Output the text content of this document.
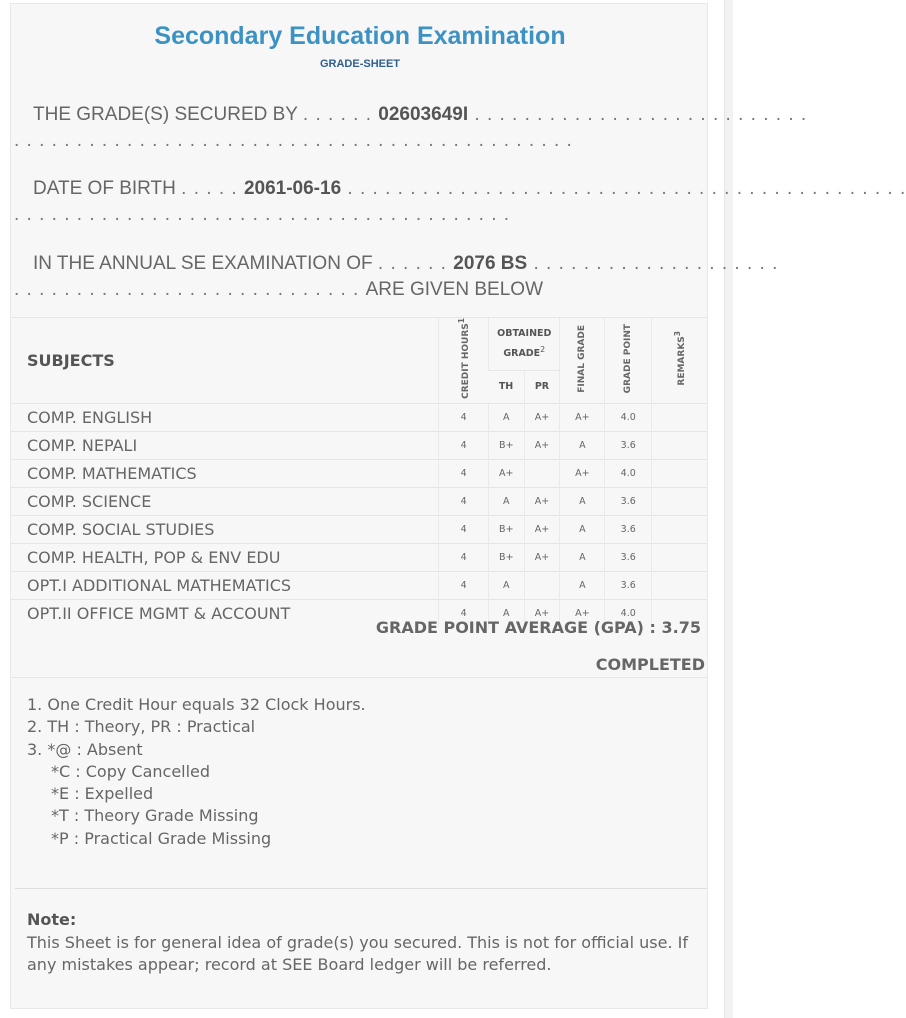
Secondary Education Examination
GRADE-SHEET
THE GRADE(S) SECURED BY . . . . . . 02603649I . . . . . . . . . . . . . . . . . . . . . . . . . . .
. . . . . . . . . . . . . . . . . . . . . . . . . . . . . . . . . . . . . . . . . . . . .
DATE OF BIRTH . . . . . 2061-06-16 . . . . . . . . . . . . . . . . . . . . . . . . . . . . . . . . . . . . . . . . . . . . .
. . . . . . . . . . . . . . . . . . . . . . . . . . . . . . . . . . . . . . . .
IN THE ANNUAL SE EXAMINATION OF . . . . . . 2076 BS . . . . . . . . . . . . . . . . . . . .
. . . . . . . . . . . . . . . . . . . . . . . . . . . . ARE GIVEN BELOW
SUBJECTS	CREDIT HOURS$^1$	OBTAINED GRADE$^2$		FINAL GRADE	GRADE POINT	REMARKS$^3$
		TH	PR			
COMP. ENGLISH	4	A	A+	A+	4.0	
COMP. NEPALI	4	B+	A+	A	3.6	
COMP. MATHEMATICS	4	A+		A+	4.0	
COMP. SCIENCE	4	A	A+	A	3.6	
COMP. SOCIAL STUDIES	4	B+	A+	A	3.6	
COMP. HEALTH, POP & ENV EDU	4	B+	A+	A	3.6	
OPT.I ADDITIONAL MATHEMATICS	4	A		A	3.6	
OPT.II OFFICE MGMT & ACCOUNT	4	A	A+	A+	4.0	
GRADE POINT AVERAGE (GPA) : 3.75
COMPLETED
1. One Credit Hour equals 32 Clock Hours.
2. TH : Theory, PR : Practical
3. *@ : Absent
*C : Copy Cancelled
*E : Expelled
*T : Theory Grade Missing
*P : Practical Grade Missing
Note:
This Sheet is for general idea of grade(s) you secured. This is not for official use. If any mistakes appear; record at SEE Board ledger will be referred.
